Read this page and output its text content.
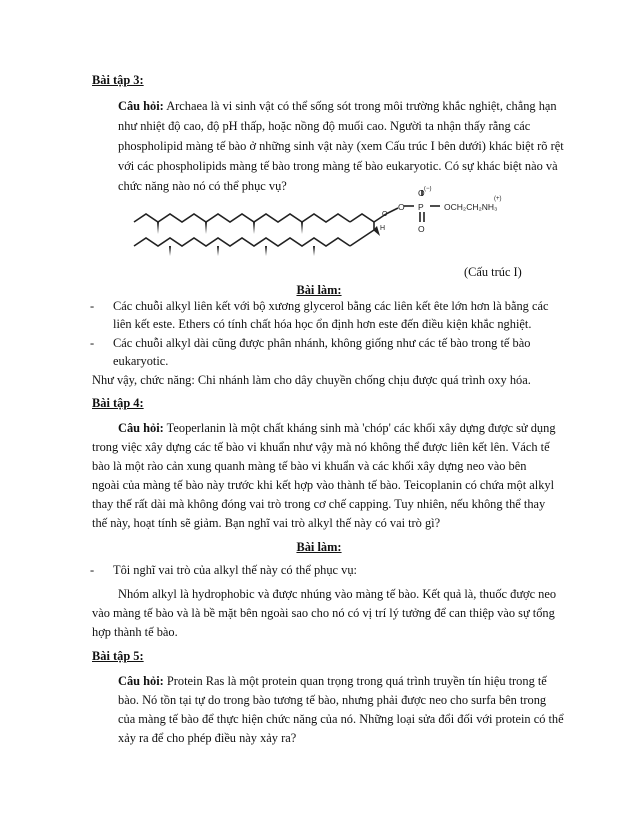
Bài tập 3:
Câu hỏi: Archaea là vi sinh vật có thể sống sót trong môi trường khắc nghiệt, chẳng hạn
như nhiệt độ cao, độ pH thấp, hoặc nồng độ muối cao. Người ta nhận thấy rằng các
phospholipid màng tế bào ở những sinh vật này (xem Cấu trúc I bên dưới) khác biệt rõ rệt
với các phospholipids màng tế bào trong màng tế bào eukaryotic. Có sự khác biệt nào và
chức năng nào nó có thể phục vụ?
O P
O
O
OCH₂CH₂NH₃
(−)
(+)
H
O
(Cấu trúc I)
Bài làm:
- Các chuỗi alkyl liên kết với bộ xương glycerol bằng các liên kết ête lớn hơn là bằng các
liên kết este. Ethers có tính chất hóa học ổn định hơn este đến điều kiện khắc nghiệt.
- Các chuỗi alkyl dài cũng được phân nhánh, không giống như các tế bào trong tế bào
eukaryotic.
Như vậy, chức năng: Chi nhánh làm cho dây chuyền chống chịu được quá trình oxy hóa.
Bài tập 4:
Câu hỏi: Teoperlanin là một chất kháng sinh mà 'chóp' các khối xây dựng được sử dụng
trong việc xây dựng các tế bào vi khuẩn như vậy mà nó không thể được liên kết lên. Vách tế
bào là một rào cản xung quanh màng tế bào vi khuẩn và các khối xây dựng neo vào bên
ngoài của màng tế bào này trước khi kết hợp vào thành tế bào. Teicoplanin có chứa một alkyl
thay thế rất dài mà không đóng vai trò trong cơ chế capping. Tuy nhiên, nếu không thể thay
thế này, hoạt tính sẽ giảm. Bạn nghĩ vai trò alkyl thế này có vai trò gì?
Bài làm:
- Tôi nghĩ vai trò của alkyl thế này có thể phục vụ:
Nhóm alkyl là hydrophobic và được nhúng vào màng tế bào. Kết quả là, thuốc được neo
vào màng tế bào và là bề mặt bên ngoài sao cho nó có vị trí lý tưởng để can thiệp vào sự tổng
hợp thành tế bào.
Bài tập 5:
Câu hỏi: Protein Ras là một protein quan trọng trong quá trình truyền tín hiệu trong tế
bào. Nó tồn tại tự do trong bào tương tế bào, nhưng phải được neo cho surfa bên trong
của màng tế bào để thực hiện chức năng của nó. Những loại sửa đổi đối với protein có thể
xảy ra để cho phép điều này xảy ra?
